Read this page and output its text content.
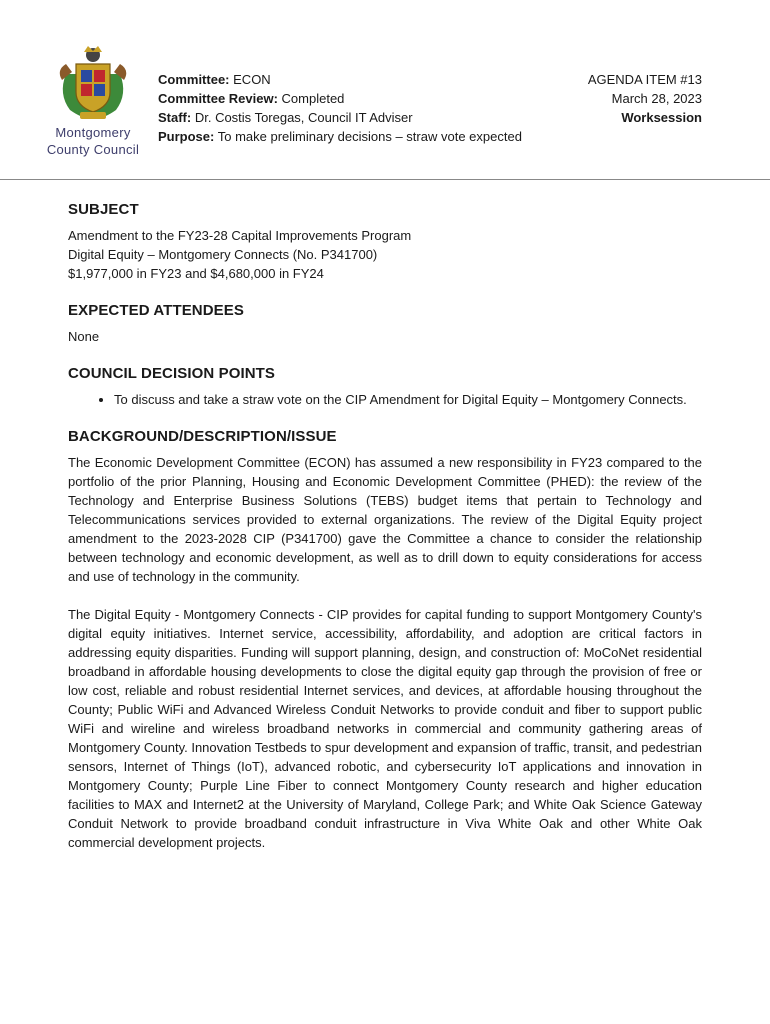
Montgomery
County Council
Committee: ECON
Committee Review: Completed
Staff: Dr. Costis Toregas, Council IT Adviser
Purpose: To make preliminary decisions – straw vote expected
AGENDA ITEM #13
March 28, 2023
Worksession
SUBJECT
Amendment to the FY23-28 Capital Improvements Program
Digital Equity – Montgomery Connects (No. P341700)
$1,977,000 in FY23 and $4,680,000 in FY24
EXPECTED ATTENDEES
None
COUNCIL DECISION POINTS
• To discuss and take a straw vote on the CIP Amendment for Digital Equity – Montgomery Connects.
BACKGROUND/DESCRIPTION/ISSUE

The Economic Development Committee (ECON) has assumed a new responsibility in FY23 compared to the portfolio of the prior Planning, Housing and Economic Development Committee (PHED): the review of the Technology and Enterprise Business Solutions (TEBS) budget items that pertain to Technology and Telecommunications services provided to external organizations. The review of the Digital Equity project amendment to the 2023-2028 CIP (P341700) gave the Committee a chance to consider the relationship between technology and economic development, as well as to drill down to equity considerations for access and use of technology in the community.

The Digital Equity - Montgomery Connects - CIP provides for capital funding to support Montgomery County's digital equity initiatives. Internet service, accessibility, affordability, and adoption are critical factors in addressing equity disparities. Funding will support planning, design, and construction of: MoCoNet residential broadband in affordable housing developments to close the digital equity gap through the provision of free or low cost, reliable and robust residential Internet services, and devices, at affordable housing throughout the County; Public WiFi and Advanced Wireless Conduit Networks to provide conduit and fiber to support public WiFi and wireline and wireless broadband networks in commercial and community gathering areas of Montgomery County. Innovation Testbeds to spur development and expansion of traffic, transit, and pedestrian sensors, Internet of Things (IoT), advanced robotic, and cybersecurity IoT applications and innovation in Montgomery County; Purple Line Fiber to connect Montgomery County research and higher education facilities to MAX and Internet2 at the University of Maryland, College Park; and White Oak Science Gateway Conduit Network to provide broadband conduit infrastructure in Viva White Oak and other White Oak commercial development projects.
